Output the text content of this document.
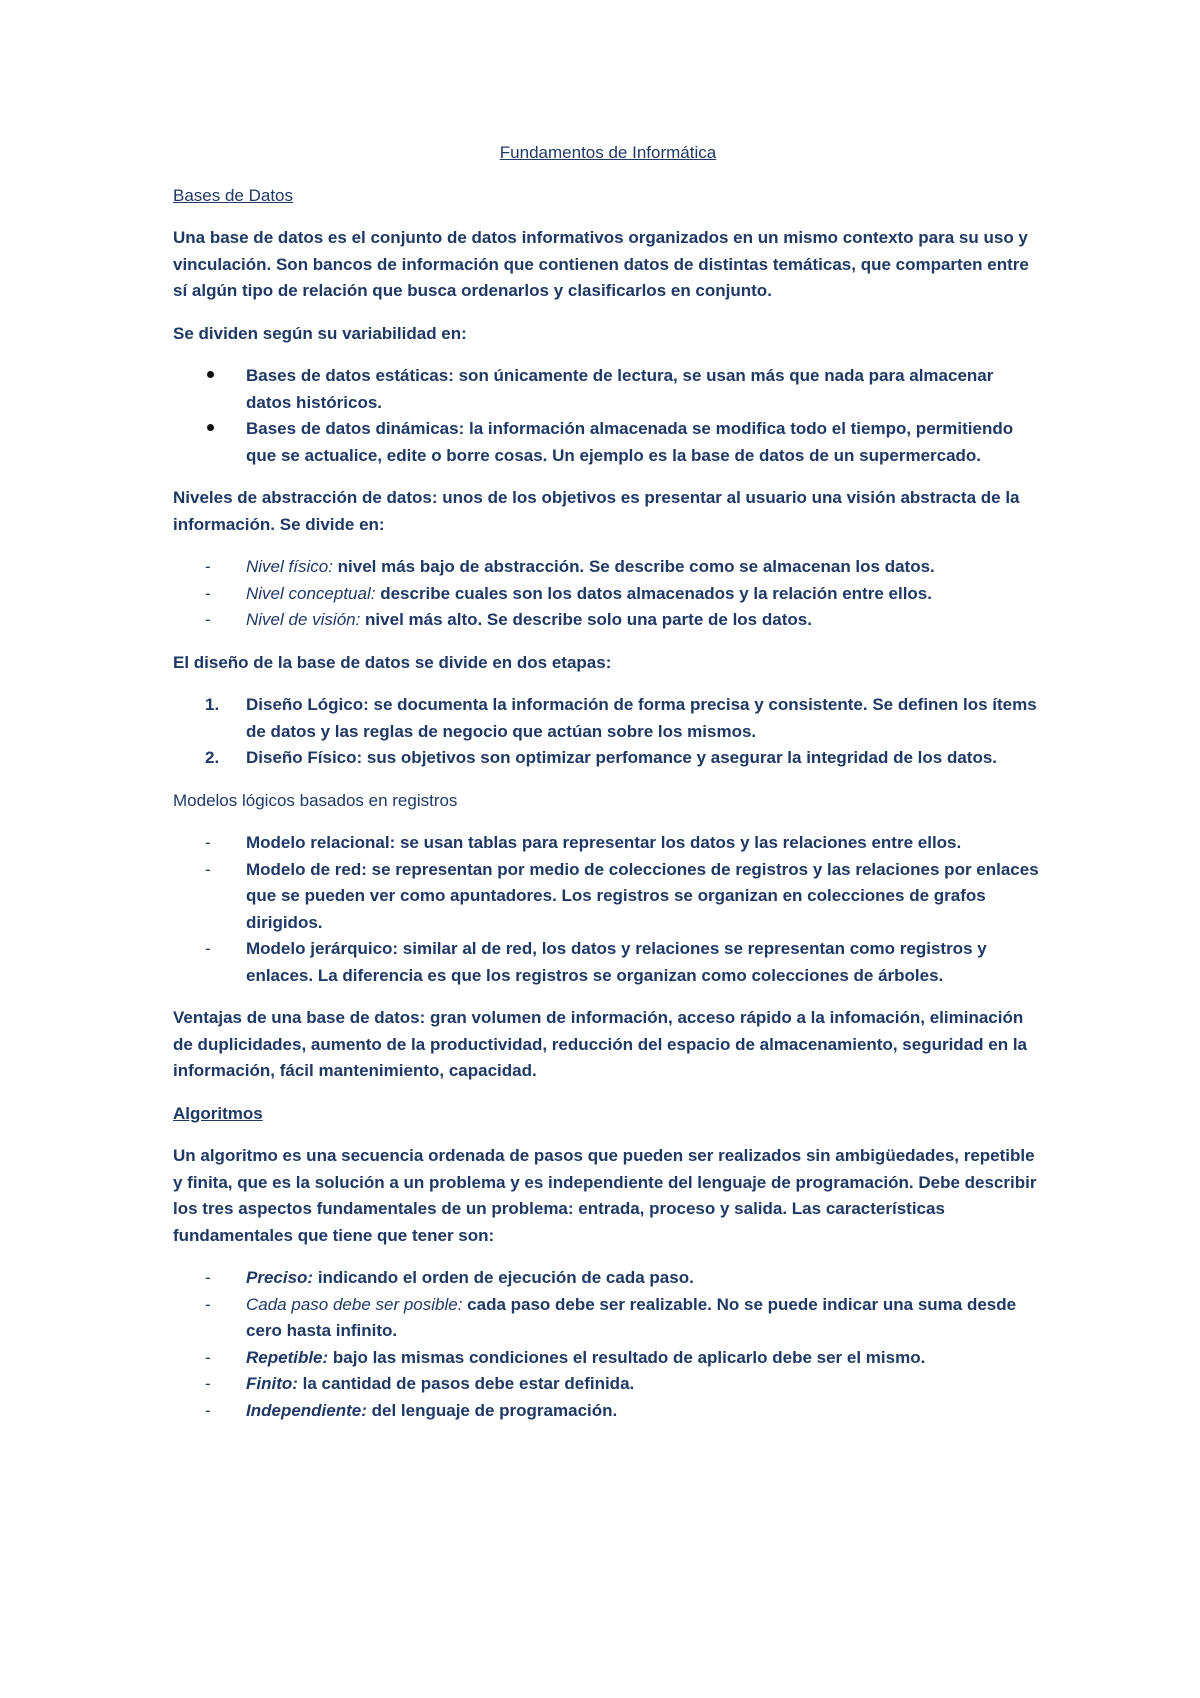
Fundamentos de Informática
Bases de Datos

Una base de datos es el conjunto de datos informativos organizados en un mismo contexto para su uso y vinculación. Son bancos de información que contienen datos de distintas temáticas, que comparten entre sí algún tipo de relación que busca ordenarlos y clasificarlos en conjunto.

Se dividen según su variabilidad en:

Bases de datos estáticas: son únicamente de lectura, se usan más que nada para almacenar datos históricos.
Bases de datos dinámicas: la información almacenada se modifica todo el tiempo, permitiendo que se actualice, edite o borre cosas. Un ejemplo es la base de datos de un supermercado.

Niveles de abstracción de datos: unos de los objetivos es presentar al usuario una visión abstracta de la información. Se divide en:

-	Nivel físico: nivel más bajo de abstracción. Se describe como se almacenan los datos.
-	Nivel conceptual: describe cuales son los datos almacenados y la relación entre ellos.
-	Nivel de visión: nivel más alto. Se describe solo una parte de los datos.

El diseño de la base de datos se divide en dos etapas:

1.	Diseño Lógico: se documenta la información de forma precisa y consistente. Se definen los ítems de datos y las reglas de negocio que actúan sobre los mismos.
2.	Diseño Físico: sus objetivos son optimizar perfomance y asegurar la integridad de los datos.

Modelos lógicos basados en registros

-	Modelo relacional: se usan tablas para representar los datos y las relaciones entre ellos.
-	Modelo de red: se representan por medio de colecciones de registros y las relaciones por enlaces que se pueden ver como apuntadores. Los registros se organizan en colecciones de grafos dirigidos.
-	Modelo jerárquico: similar al de red, los datos y relaciones se representan como registros y enlaces. La diferencia es que los registros se organizan como colecciones de árboles.

Ventajas de una base de datos: gran volumen de información, acceso rápido a la infomación, eliminación de duplicidades, aumento de la productividad, reducción del espacio de almacenamiento, seguridad en la información, fácil mantenimiento, capacidad.

Algoritmos

Un algoritmo es una secuencia ordenada de pasos que pueden ser realizados sin ambigüedades, repetible y finita, que es la solución a un problema y es independiente del lenguaje de programación. Debe describir los tres aspectos fundamentales de un problema: entrada, proceso y salida. Las características fundamentales que tiene que tener son:

-	Preciso: indicando el orden de ejecución de cada paso.
-	Cada paso debe ser posible: cada paso debe ser realizable. No se puede indicar una suma desde cero hasta infinito.
-	Repetible: bajo las mismas condiciones el resultado de aplicarlo debe ser el mismo.
-	Finito: la cantidad de pasos debe estar definida.
-	Independiente: del lenguaje de programación.
